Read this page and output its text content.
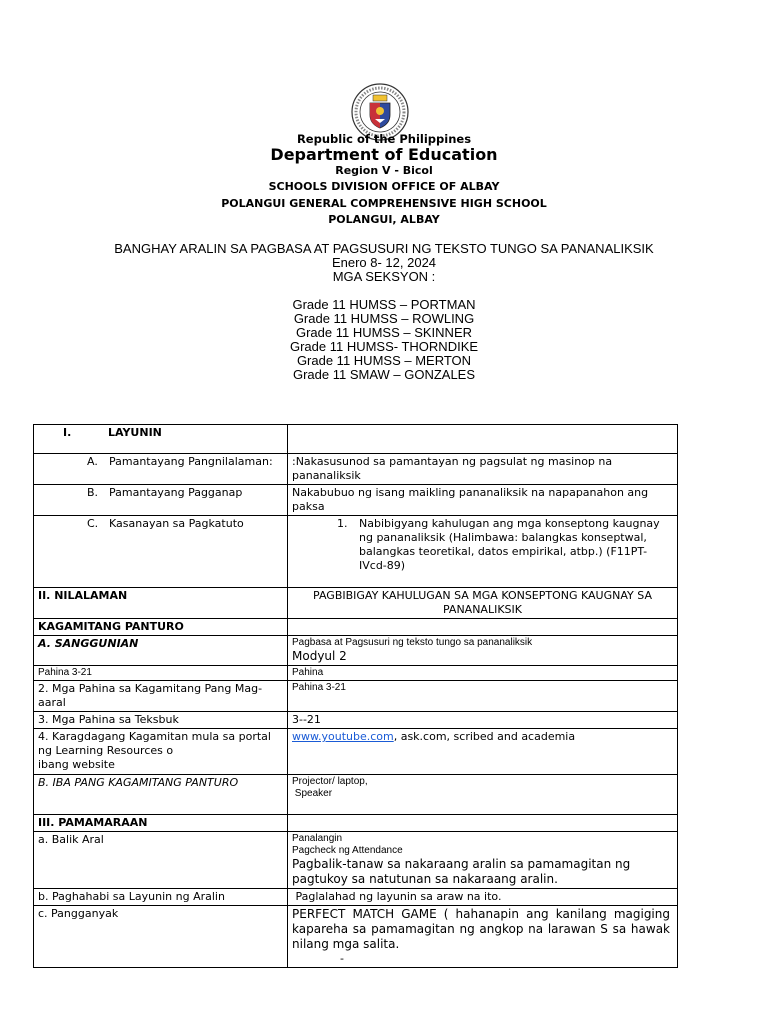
Republic of the Philippines
Department of Education
Region V - Bicol
SCHOOLS DIVISION OFFICE OF ALBAY
POLANGUI GENERAL COMPREHENSIVE HIGH SCHOOL
POLANGUI, ALBAY
BANGHAY ARALIN SA PAGBASA AT PAGSUSURI NG TEKSTO TUNGO SA PANANALIKSIK
Enero 8- 12, 2024
MGA SEKSYON :
Grade 11 HUMSS – PORTMAN
Grade 11 HUMSS – ROWLING
Grade 11 HUMSS – SKINNER
Grade 11 HUMSS- THORNDIKE
Grade 11 HUMSS – MERTON
Grade 11 SMAW – GONZALES
I. LAYUNIN	
A. Pamantayang Pangnilalaman:	:Nakasusunod sa pamantayan ng pagsulat ng masinop na pananaliksik
B. Pamantayang Pagganap	Nakabubuo ng isang maikling pananaliksik na napapanahon ang paksa
C. Kasanayan sa Pagkatuto	1. Nabibigyang kahulugan ang mga konseptong kaugnay ng pananaliksik (Halimbawa: balangkas konseptwal, balangkas teoretikal, datos empirikal, atbp.) (F11PT-IVcd-89)

II. NILALAMAN	PAGBIBIGAY KAHULUGAN SA MGA KONSEPTONG KAUGNAY SA PANANALIKSIK
KAGAMITANG PANTURO	
A. SANGGUNIAN	Pagbasa at Pagsusuri ng teksto tungo sa pananaliksik
Modyul 2

Pahina 3-21	Pahina
2. Mga Pahina sa Kagamitang Pang Mag-aaral	Pahina 3-21
3. Mga Pahina sa Teksbuk	3--21
4. Karagdagang Kagamitan mula sa portal ng Learning Resources o
ibang website	www.youtube.com, ask.com, scribed and academia
B. IBA PANG KAGAMITANG PANTURO	Projector/ laptop,
Speaker

III. PAMAMARAAN	
a. Balik Aral	Panalangin
Pagcheck ng Attendance
Pagbalik-tanaw sa nakaraang aralin sa pamamagitan ng pagtukoy sa natutunan sa nakaraang aralin.

b. Paghahabi sa Layunin ng Aralin	Paglalahad ng layunin sa araw na ito.
c. Pangganyak	PERFECT MATCH GAME ( hahanapin ang kanilang magiging kapareha sa pamamagitan ng angkop na larawan S sa hawak nilang mga salita.
-
